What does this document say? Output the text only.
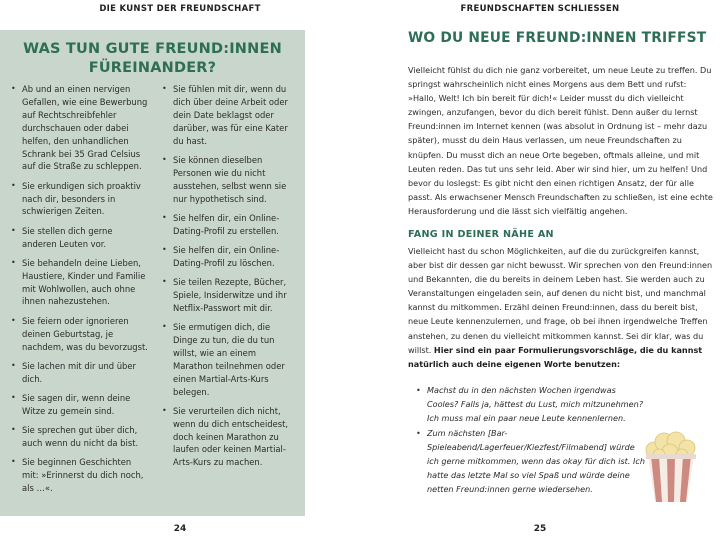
DIE KUNST DER FREUNDSCHAFT
WAS TUN GUTE FREUND:INNEN
FÜREINANDER?
• Ab und an einen nervigen Gefallen, wie eine Bewerbung auf Rechtschreibfehler durchschauen oder dabei helfen, den unhandlichen Schrank bei 35 Grad Celsius auf die Straße zu schleppen.
• Sie erkundigen sich proaktiv nach dir, besonders in schwierigen Zeiten.
• Sie stellen dich gerne anderen Leuten vor.
• Sie behandeln deine Lieben, Haustiere, Kinder und Familie mit Wohlwollen, auch ohne ihnen nahezustehen.
• Sie feiern oder ignorieren deinen Geburtstag, je nachdem, was du bevorzugst.
• Sie lachen mit dir und über dich.
• Sie sagen dir, wenn deine Witze zu gemein sind.
• Sie sprechen gut über dich, auch wenn du nicht da bist.
• Sie beginnen Geschichten mit: »Erinnerst du dich noch, als …«.
• Sie fühlen mit dir, wenn du dich über deine Arbeit oder dein Date beklagst oder darüber, was für eine Kater du hast.
• Sie können dieselben Personen wie du nicht ausstehen, selbst wenn sie nur hypothetisch sind.
• Sie helfen dir, ein Online-Dating-Profil zu erstellen.
• Sie helfen dir, ein Online-Dating-Profil zu löschen.
• Sie teilen Rezepte, Bücher, Spiele, Insiderwitze und ihr Netflix-Passwort mit dir.
• Sie ermutigen dich, die Dinge zu tun, die du tun willst, wie an einem Marathon teilnehmen oder einen Martial-Arts-Kurs belegen.
• Sie verurteilen dich nicht, wenn du dich entscheidest, doch keinen Marathon zu laufen oder keinen Martial-Arts-Kurs zu machen.
24
FREUNDSCHAFTEN SCHLIESSEN
25
WO DU NEUE FREUND:INNEN TRIFFST

Vielleicht fühlst du dich nie ganz vorbereitet, um neue Leute zu treffen. Du springst wahrscheinlich nicht eines Morgens aus dem Bett und rufst: »Hallo, Welt! Ich bin bereit für dich!« Leider musst du dich vielleicht zwingen, anzufangen, bevor du dich bereit fühlst. Denn außer du lernst Freund:innen im Internet kennen (was absolut in Ordnung ist – mehr dazu später), musst du dein Haus verlassen, um neue Freundschaften zu knüpfen. Du musst dich an neue Orte begeben, oftmals alleine, und mit Leuten reden. Das tut uns sehr leid. Aber wir sind hier, um zu helfen! Und bevor du loslegst: Es gibt nicht den einen richtigen Ansatz, der für alle passt. Als erwachsener Mensch Freundschaften zu schließen, ist eine echte Herausforderung und die lässt sich vielfältig angehen.

FANG IN DEINER NÄHE AN

Vielleicht hast du schon Möglichkeiten, auf die du zurückgreifen kannst, aber bist dir dessen gar nicht bewusst. Wir sprechen von den Freund:innen und Bekannten, die du bereits in deinem Leben hast. Sie werden auch zu Veranstaltungen eingeladen sein, auf denen du nicht bist, und manchmal kannst du mitkommen. Erzähl deinen Freund:innen, dass du bereit bist, neue Leute kennenzulernen, und frage, ob bei ihnen irgendwelche Treffen anstehen, zu denen du vielleicht mitkommen kannst. Sei dir klar, was du willst. Hier sind ein paar Formulierungsvorschläge, die du kannst natürlich auch deine eigenen Worte benutzen:

• Machst du in den nächsten Wochen irgendwas Cooles? Falls ja, hättest du Lust, mich mitzunehmen? Ich muss mal ein paar neue Leute kennenlernen.
• Zum nächsten [Bar-Spieleabend/Lagerfeuer/Kiezfest/Filmabend] würde ich gerne mitkommen, wenn das okay für dich ist. Ich hatte das letzte Mal so viel Spaß und würde deine netten Freund:innen gerne wiedersehen.
